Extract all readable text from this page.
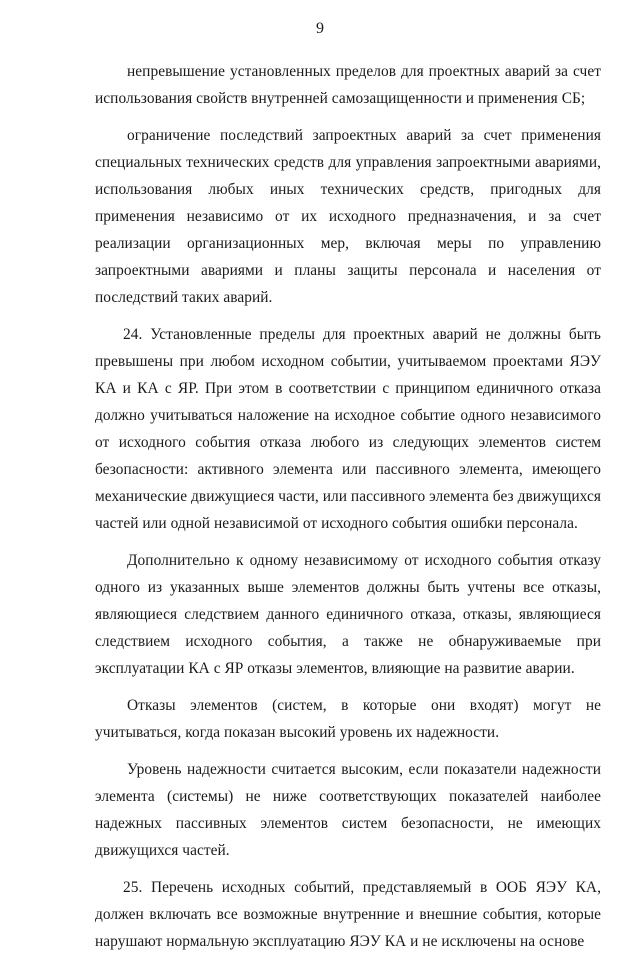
9

непревышение установленных пределов для проектных аварий за счет использования свойств внутренней самозащищенности и применения СБ;

ограничение последствий запроектных аварий за счет применения специальных технических средств для управления запроектными авариями, использования любых иных технических средств, пригодных для применения независимо от их исходного предназначения, и за счет реализации организационных мер, включая меры по управлению запроектными авариями и планы защиты персонала и населения от последствий таких аварий.

24. Установленные пределы для проектных аварий не должны быть превышены при любом исходном событии, учитываемом проектами ЯЭУ КА и КА с ЯР. При этом в соответствии с принципом единичного отказа должно учитываться наложение на исходное событие одного независимого от исходного события отказа любого из следующих элементов систем безопасности: активного элемента или пассивного элемента, имеющего механические движущиеся части, или пассивного элемента без движущихся частей или одной независимой от исходного события ошибки персонала.

Дополнительно к одному независимому от исходного события отказу одного из указанных выше элементов должны быть учтены все отказы, являющиеся следствием данного единичного отказа, отказы, являющиеся следствием исходного события, а также не обнаруживаемые при эксплуатации КА с ЯР отказы элементов, влияющие на развитие аварии.

Отказы элементов (систем, в которые они входят) могут не учитываться, когда показан высокий уровень их надежности.

Уровень надежности считается высоким, если показатели надежности элемента (системы) не ниже соответствующих показателей наиболее надежных пассивных элементов систем безопасности, не имеющих движущихся частей.

25. Перечень исходных событий, представляемый в ООБ ЯЭУ КА, должен включать все возможные внутренние и внешние события, которые нарушают нормальную эксплуатацию ЯЭУ КА и не исключены на основе
